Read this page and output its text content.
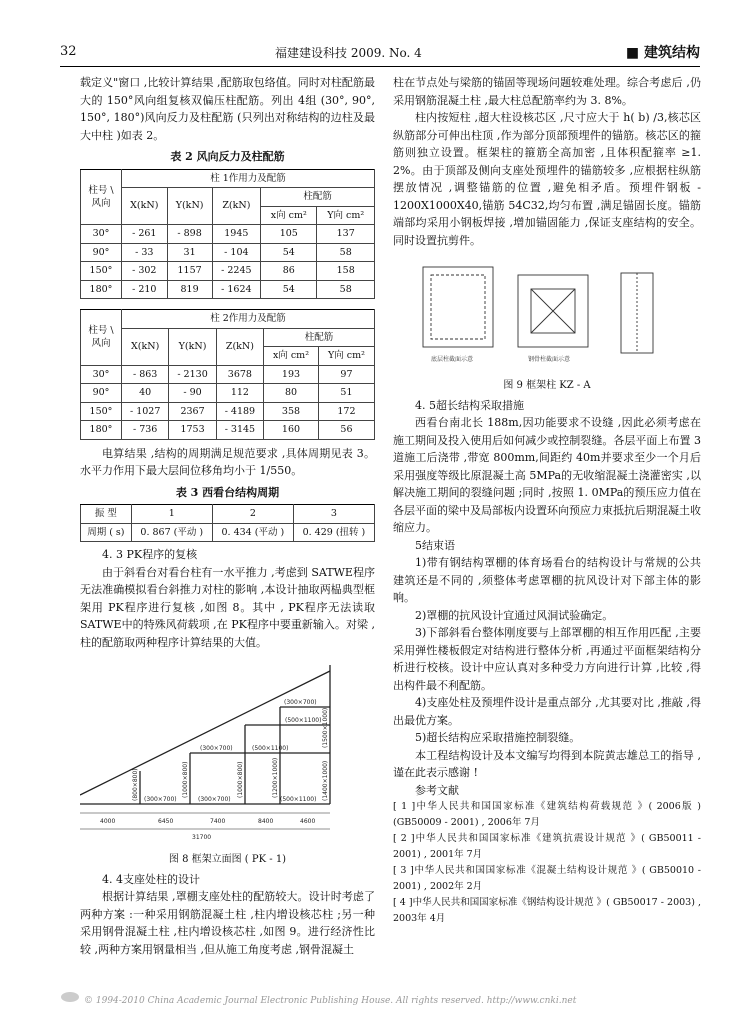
32	福建建设科技 2009. No. 4	■ 建筑结构

载定义"窗口 ,比较计算结果 ,配筋取包络值。同时对柱配筋最大的 150°风向组复核双偏压柱配筋。列出 4组 (30°, 90°, 150°, 180°)风向反力及柱配筋 (只列出对称结构的边柱及最大中柱 )如表 2。

表 2 风向反力及柱配筋
柱号 \
风向	柱 1作用力及配筋				
	X(kN)	Y(kN)	Z(kN)	柱配筋	
				x向 cm²	Y向 cm²
30°	- 261	- 898	1945	105	137
90°	- 33	31	- 104	54	58
150°	- 302	1157	- 2245	86	158
180°	- 210	819	- 1624	54	58
柱号 \
风向	柱 2作用力及配筋				
	X(kN)	Y(kN)	Z(kN)	柱配筋	
				x向 cm²	Y向 cm²
30°	- 863	- 2130	3678	193	97
90°	40	- 90	112	80	51
150°	- 1027	2367	- 4189	358	172
180°	- 736	1753	- 3145	160	56

电算结果 ,结构的周期满足规范要求 ,具体周期见表 3。水平力作用下最大层间位移角均小于 1/550。

表 3 西看台结构周期
振 型	1	2	3
周期 ( s)	0. 867 (平动 )	0. 434 (平动 )	0. 429 (扭转 )
4. 3 PK程序的复核

由于斜看台对看台柱有一水平推力 ,考虑到 SATWE程序无法准确模拟看台斜推力对柱的影响 ,本设计抽取两榀典型框架用 PK程序进行复核 ,如图 8。其中 , PK程序无法读取 SATWE中的特殊风荷载项 ,在 PK程序中要重新输入。对梁 ,柱的配筋取两种程序计算结果的大值。

(500×1100)
(500×1100)
(500×1100)
(300×700)
(300×700)
(300×700)
(300×700)
(1500×1000)
(1400×1000)
(1200×1000)
(1000×800)
(1000×800)
(800×800)
4000	6450	7400	8400	4600
31700
图 8 框架立面图 ( PK - 1)
4. 4支座处柱的设计

根据计算结果 ,罩棚支座处柱的配筋较大。设计时考虑了两种方案 :一种采用钢筋混凝土柱 ,柱内增设核芯柱 ;另一种采用钢骨混凝土柱 ,柱内增设核芯柱 ,如图 9。进行经济性比较 ,两种方案用钢量相当 ,但从施工角度考虑 ,钢骨混凝土

柱在节点处与梁筋的锚固等现场问题较难处理。综合考虑后 ,仍采用钢筋混凝土柱 ,最大柱总配筋率约为 3. 8%。

柱内按短柱 ,超大柱设核芯区 ,尺寸应大于 h( b) /3,核芯区纵筋部分可伸出柱顶 ,作为部分顶部预埋件的锚筋。核芯区的箍筋则独立设置。框架柱的箍筋全高加密 ,且体积配箍率 ≥1. 2%。由于顶部及侧向支座处预埋件的锚筋较多 ,应根据柱纵筋摆放情况 ,调整锚筋的位置 ,避免相矛盾。预埋件钢板 - 1200X1000X40,锚筋 54C32,均匀布置 ,满足锚固长度。锚筋端部均采用小钢板焊接 ,增加锚固能力 ,保证支座结构的安全。同时设置抗剪件。

底层柱截面示意	钢骨柱截面示意
图 9 框架柱 KZ - A
4. 5超长结构采取措施

西看台南北长 188m,因功能要求不设缝 ,因此必须考虑在施工期间及投入使用后如何减少或控制裂缝。各层平面上布置 3道施工后浇带 ,带宽 800mm,间距约 40m并要求至少一个月后采用强度等级比原混凝土高 5MPa的无收缩混凝土浇灌密实 ,以解决施工期间的裂缝问题 ;同时 ,按照 1. 0MPa的预压应力值在各层平面的梁中及局部板内设置环向预应力束抵抗后期混凝土收缩应力。

5结束语

1)带有钢结构罩棚的体育场看台的结构设计与常规的公共建筑还是不同的 ,须整体考虑罩棚的抗风设计对下部主体的影响。

2)罩棚的抗风设计宜通过风洞试验确定。

3)下部斜看台整体刚度要与上部罩棚的相互作用匹配 ,主要采用弹性楼板假定对结构进行整体分析 ,再通过平面框架结构分析进行校核。设计中应认真对多种受力方向进行计算 ,比较 ,得出构件最不利配筋。

4)支座处柱及预埋件设计是重点部分 ,尤其要对比 ,推敲 ,得出最优方案。

5)超长结构应采取措施控制裂缝。

本工程结构设计及本文编写均得到本院黄志雄总工的指导 ,谨在此表示感谢 !

参考文献

[ 1 ]中华人民共和国国家标准《建筑结构荷载规范 》( 2006版 ) (GB50009 - 2001) , 2006年 7月

[ 2 ]中华人民共和国国家标准《建筑抗震设计规范 》( GB50011 - 2001) , 2001年 7月

[ 3 ]中华人民共和国国家标准《混凝土结构设计规范 》( GB50010 - 2001) , 2002年 2月

[ 4 ]中华人民共和国国家标准《钢结构设计规范 》( GB50017 - 2003) , 2003年 4月

© 1994-2010 China Academic Journal Electronic Publishing House. All rights reserved. http://www.cnki.net
